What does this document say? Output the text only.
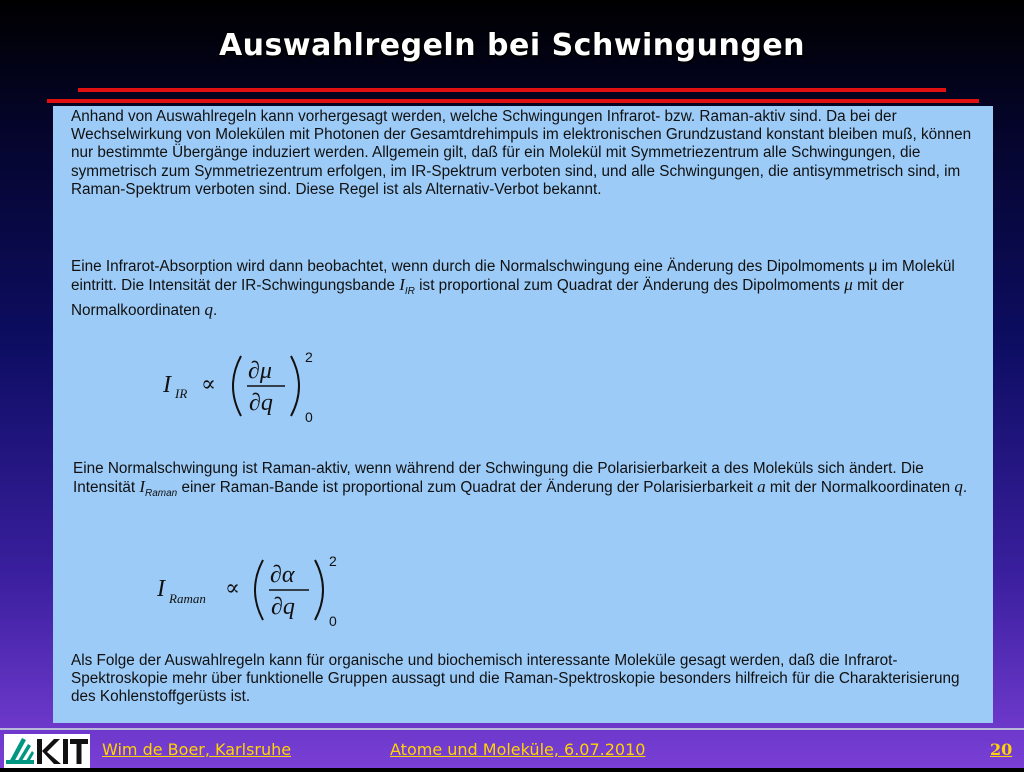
Auswahlregeln bei Schwingungen

Anhand von Auswahlregeln kann vorhergesagt werden, welche Schwingungen Infrarot- bzw. Raman-aktiv sind. Da bei der Wechselwirkung von Molekülen mit Photonen der Gesamtdrehimpuls im elektronischen Grundzustand konstant bleiben muß, können nur bestimmte Übergänge induziert werden. Allgemein gilt, daß für ein Molekül mit Symmetriezentrum alle Schwingungen, die symmetrisch zum Symmetriezentrum erfolgen, im IR-Spektrum verboten sind, und alle Schwingungen, die antisymmetrisch sind, im Raman-Spektrum verboten sind. Diese Regel ist als Alternativ-Verbot bekannt.

Eine Infrarot-Absorption wird dann beobachtet, wenn durch die Normalschwingung eine Änderung des Dipolmoments μ im Molekül eintritt. Die Intensität der IR-Schwingungsbande $I_{IR}$ ist proportional zum Quadrat der Änderung des Dipolmoments μ mit der Normalkoordinaten q.

I IR ∝
∂μ
∂q
2
0

Eine Normalschwingung ist Raman-aktiv, wenn während der Schwingung die Polarisierbarkeit a des Moleküls sich ändert. Die Intensität $I_{Raman}$ einer Raman-Bande ist proportional zum Quadrat der Änderung der Polarisierbarkeit a mit der Normalkoordinaten q.

I Raman ∝
∂α
∂q
2
0

Als Folge der Auswahlregeln kann für organische und biochemisch interessante Moleküle gesagt werden, daß die Infrarot-Spektroskopie mehr über funktionelle Gruppen aussagt und die Raman-Spektroskopie besonders hilfreich für die Charakterisierung des Kohlenstoffgerüsts ist.

Wim de Boer, Karlsruhe	Atome und Moleküle, 6.07.2010	20
